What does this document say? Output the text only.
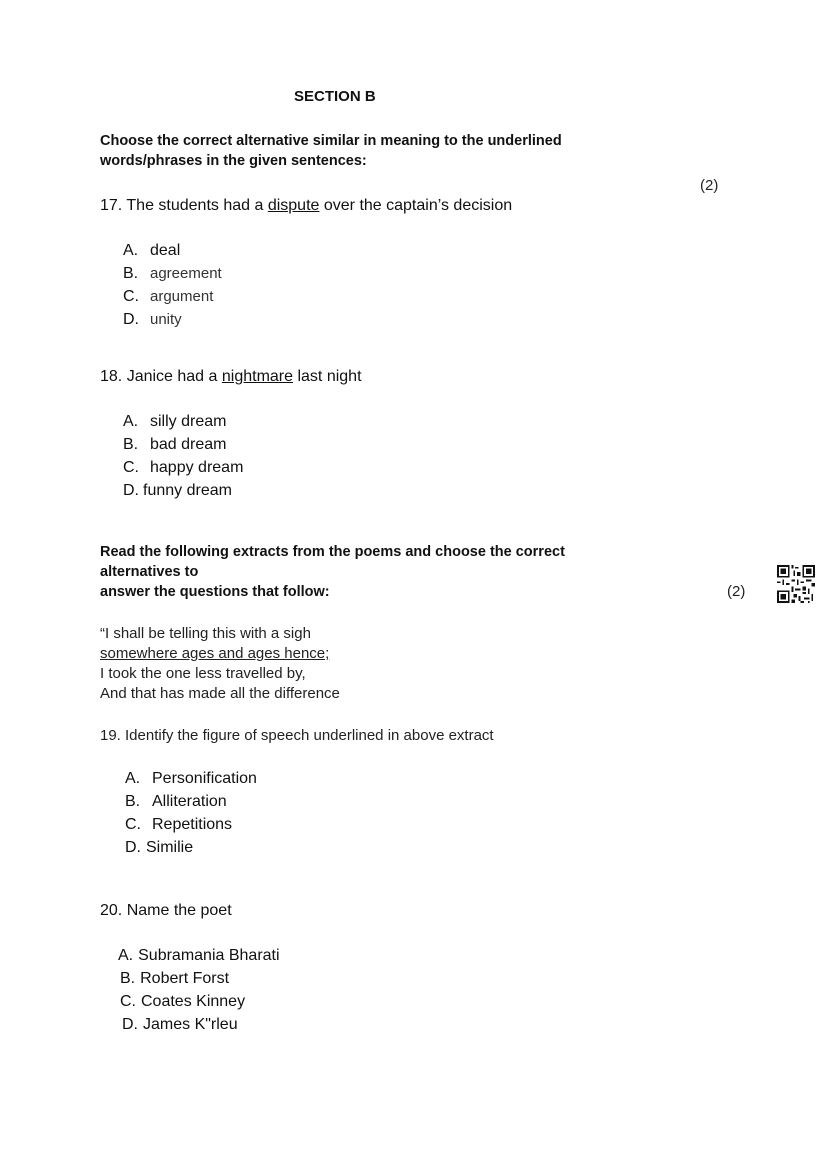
SECTION B
Choose the correct alternative similar in meaning to the underlined
words/phrases in the given sentences:
(2)
17. The students had a dispute over the captain’s decision
A. deal
B. agreement
C. argument
D. unity
18. Janice had a nightmare last night
A. silly dream
B. bad dream
C. happy dream
D. funny dream
Read the following extracts from the poems and choose the correct
alternatives to
answer the questions that follow:	(2)
“I shall be telling this with a sigh
somewhere ages and ages hence;
I took the one less travelled by,
And that has made all the difference
19. Identify the figure of speech underlined in above extract
A. Personification
B. Alliteration
C. Repetitions
D. Similie
20. Name the poet
A. Subramania Bharati
B. Robert Forst
C. Coates Kinney
D. James K"rleu
